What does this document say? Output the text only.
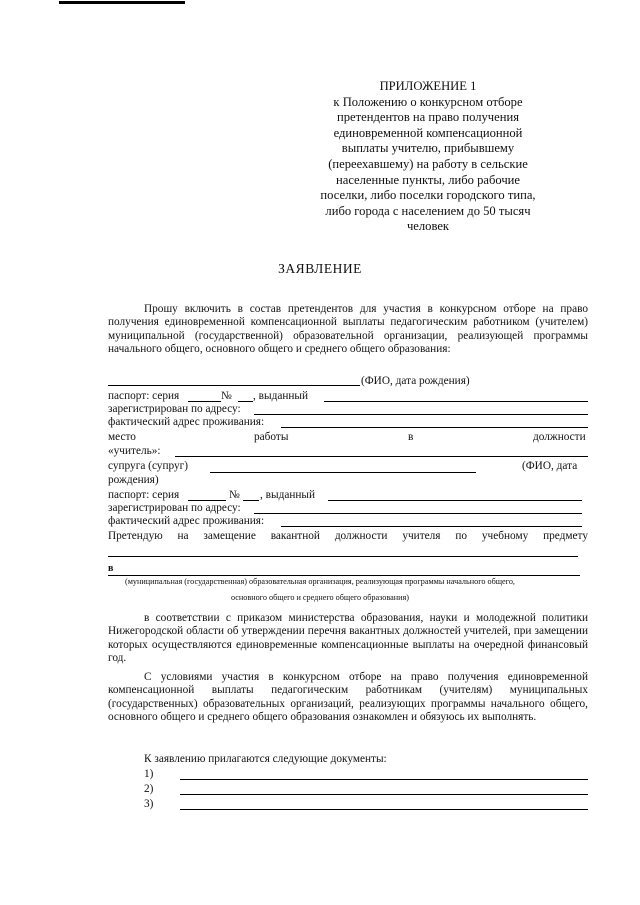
ПРИЛОЖЕНИЕ 1
к Положению о конкурсном отборе
претендентов на право получения
единовременной компенсационной
выплаты учителю, прибывшему
(переехавшему) на работу в сельские
населенные пункты, либо рабочие
поселки, либо поселки городского типа,
либо города с населением до 50 тысяч
человек
ЗАЯВЛЕНИЕ
Прошу включить в состав претендентов для участия в конкурсном отборе на право получения единовременной компенсационной выплаты педагогическим работником (учителем) муниципальной (государственной) образовательной организации, реализующей программы начального общего, основного общего и среднего общего образования:
(ФИО, дата рождения)
паспорт: серия	№ , выданный
зарегистрирован по адресу:
фактический адрес проживания:
место	работы	в	должности
«учитель»:
супруга (супруг)	(ФИО, дата
рождения)
паспорт: серия	№ , выданный
зарегистрирован по адресу:
фактический адрес проживания:
Претендую на замещение вакантной должности учителя по учебному предмету
в
(муниципальная (государственная) образовательная организация, реализующая программы начального общего,
основного общего и среднего общего образования)
в соответствии с приказом министерства образования, науки и молодежной политики Нижегородской области об утверждении перечня вакантных должностей учителей, при замещении которых осуществляются единовременные компенсационные выплаты на очередной финансовый год.
С условиями участия в конкурсном отборе на право получения единовременной компенсационной выплаты педагогическим работникам (учителям) муниципальных (государственных) образовательных организаций, реализующих программы начального общего, основного общего и среднего общего образования ознакомлен и обязуюсь их выполнять.
К заявлению прилагаются следующие документы:
1)
2)
3)
